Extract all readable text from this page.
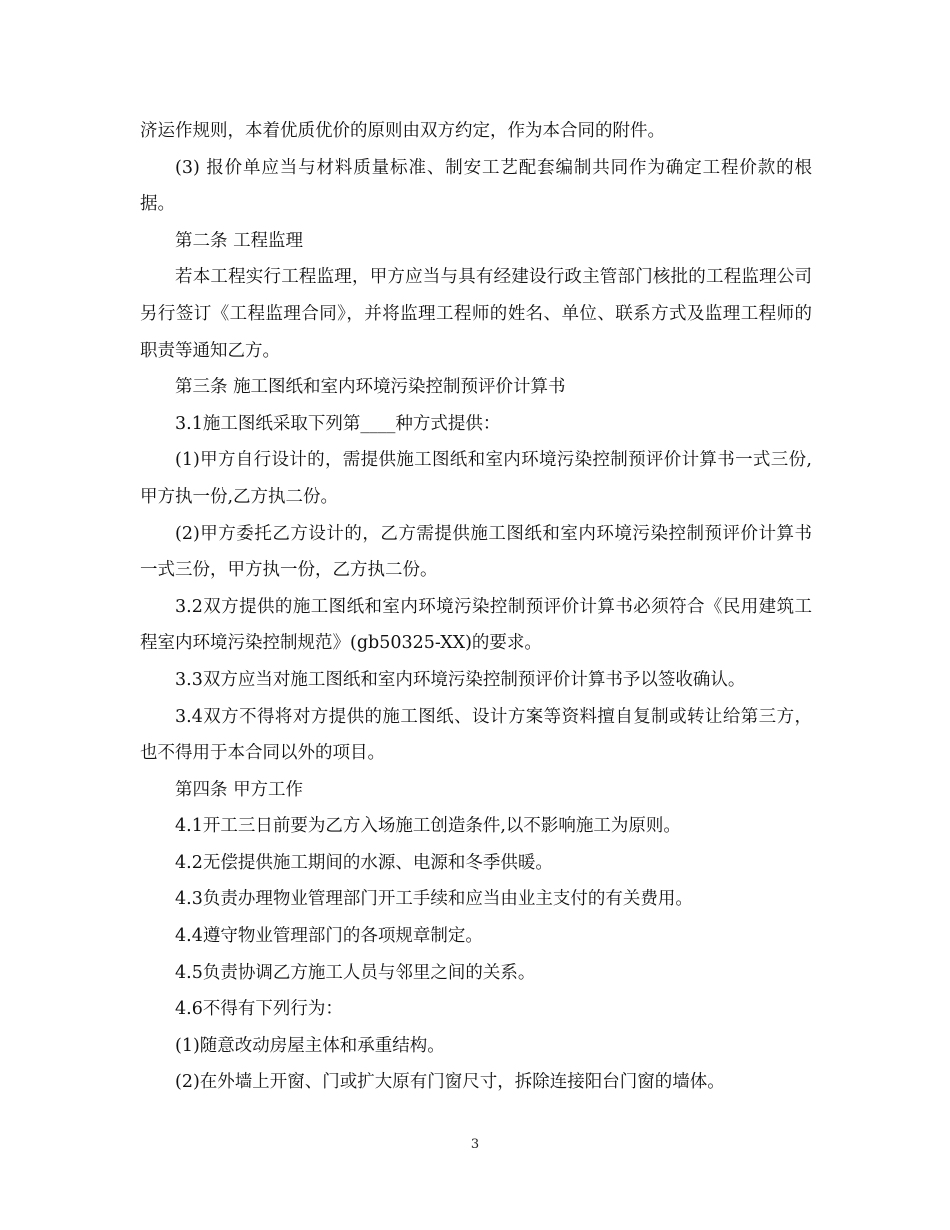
济运作规则，本着优质优价的原则由双方约定，作为本合同的附件。

(3) 报价单应当与材料质量标准、制安工艺配套编制共同作为确定工程价款的根据。

第二条 工程监理

若本工程实行工程监理，甲方应当与具有经建设行政主管部门核批的工程监理公司另行签订《工程监理合同》，并将监理工程师的姓名、单位、联系方式及监理工程师的职责等通知乙方。

第三条 施工图纸和室内环境污染控制预评价计算书

3.1施工图纸采取下列第____种方式提供：

(1)甲方自行设计的，需提供施工图纸和室内环境污染控制预评价计算书一式三份,甲方执一份,乙方执二份。

(2)甲方委托乙方设计的，乙方需提供施工图纸和室内环境污染控制预评价计算书一式三份，甲方执一份，乙方执二份。

3.2双方提供的施工图纸和室内环境污染控制预评价计算书必须符合《民用建筑工程室内环境污染控制规范》(gb50325-XX)的要求。

3.3双方应当对施工图纸和室内环境污染控制预评价计算书予以签收确认。

3.4双方不得将对方提供的施工图纸、设计方案等资料擅自复制或转让给第三方，也不得用于本合同以外的项目。

第四条 甲方工作

4.1开工三日前要为乙方入场施工创造条件,以不影响施工为原则。

4.2无偿提供施工期间的水源、电源和冬季供暖。

4.3负责办理物业管理部门开工手续和应当由业主支付的有关费用。

4.4遵守物业管理部门的各项规章制定。

4.5负责协调乙方施工人员与邻里之间的关系。

4.6不得有下列行为：

(1)随意改动房屋主体和承重结构。

(2)在外墙上开窗、门或扩大原有门窗尺寸，拆除连接阳台门窗的墙体。

3
